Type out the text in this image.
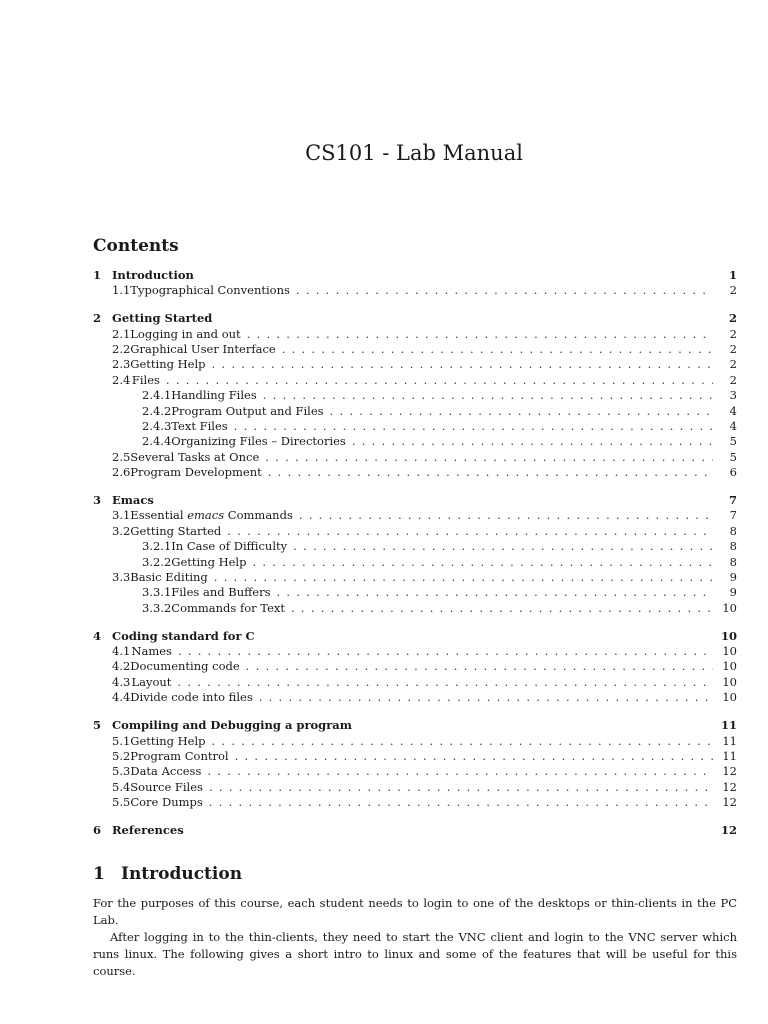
CS101 - Lab Manual
Contents
1 Introduction	1
1.1 Typographical Conventions . . .	2
2 Getting Started	2
2.1 Logging in and out . . .	2
2.2 Graphical User Interface . . .	2
2.3 Getting Help . . .	2
2.4 Files . . .	2
2.4.1 Handling Files . . .	3
2.4.2 Program Output and Files . . .	4
2.4.3 Text Files . . .	4
2.4.4 Organizing Files – Directories . . .	5
2.5 Several Tasks at Once . . .	5
2.6 Program Development . . .	6
3 Emacs	7
3.1 Essential emacs Commands . . .	7
3.2 Getting Started . . .	8
3.2.1 In Case of Difficulty . . .	8
3.2.2 Getting Help . . .	8
3.3 Basic Editing . . .	9
3.3.1 Files and Buffers . . .	9
3.3.2 Commands for Text . . .	10
4 Coding standard for C	10
4.1 Names . . .	10
4.2 Documenting code . . .	10
4.3 Layout . . .	10
4.4 Divide code into files . . .	10
5 Compiling and Debugging a program	11
5.1 Getting Help . . .	11
5.2 Program Control . . .	11
5.3 Data Access . . .	12
5.4 Source Files . . .	12
5.5 Core Dumps . . .	12
6 References	12
1 Introduction

For the purposes of this course, each student needs to login to one of the desktops or thin-clients in the PC Lab.

After logging in to the thin-clients, they need to start the VNC client and login to the VNC server which runs linux. The following gives a short intro to linux and some of the features that will be useful for this course.
